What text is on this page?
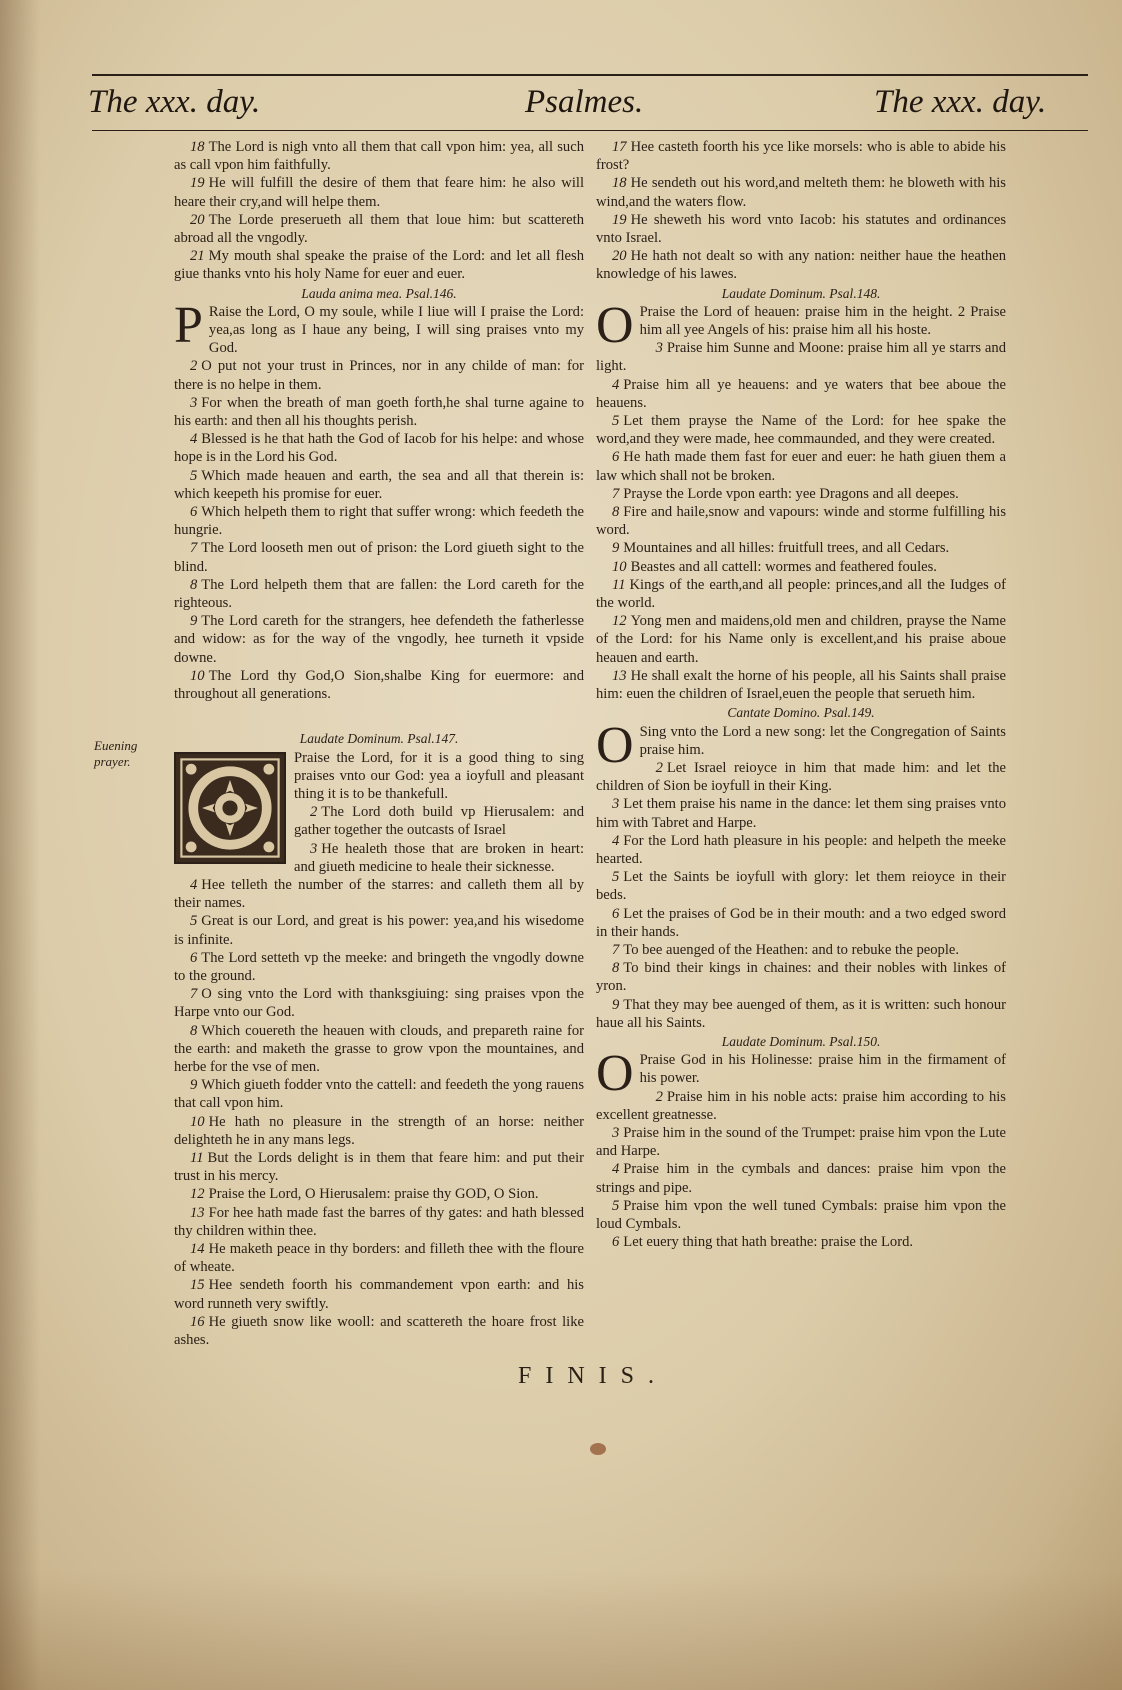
The xxx. day.	Psalmes.	The xxx. day.
Euening prayer.

18 The Lord is nigh vnto all them that call vpon him: yea, all such as call vpon him faithfully.

19 He will fulfill the desire of them that feare him: he also will heare their cry,and will helpe them.

20 The Lorde preserueth all them that loue him: but scattereth abroad all the vngodly.

21 My mouth shal speake the praise of the Lord: and let all flesh giue thanks vnto his holy Name for euer and euer.

Lauda anima mea. Psal.146.

P Raise the Lord, O my soule, while I liue will I praise the Lord: yea,as long as I haue any being, I will sing praises vnto my God.

2 O put not your trust in Princes, nor in any childe of man: for there is no helpe in them.

3 For when the breath of man goeth forth,he shal turne againe to his earth: and then all his thoughts perish.

4 Blessed is he that hath the God of Iacob for his helpe: and whose hope is in the Lord his God.

5 Which made heauen and earth, the sea and all that therein is: which keepeth his promise for euer.

6 Which helpeth them to right that suffer wrong: which feedeth the hungrie.

7 The Lord looseth men out of prison: the Lord giueth sight to the blind.

8 The Lord helpeth them that are fallen: the Lord careth for the righteous.

9 The Lord careth for the strangers, hee defendeth the fatherlesse and widow: as for the way of the vngodly, hee turneth it vpside downe.

10 The Lord thy God,O Sion,shalbe King for euermore: and throughout all generations.

Laudate Dominum. Psal.147.

Praise the Lord, for it is a good thing to sing praises vnto our God: yea a ioyfull and pleasant thing it is to be thankefull.

2 The Lord doth build vp Hierusalem: and gather together the outcasts of Israel

3 He healeth those that are broken in heart: and giueth medicine to heale their sicknesse.

4 Hee telleth the number of the starres: and calleth them all by their names.

5 Great is our Lord, and great is his power: yea,and his wisedome is infinite.

6 The Lord setteth vp the meeke: and bringeth the vngodly downe to the ground.

7 O sing vnto the Lord with thanksgiuing: sing praises vpon the Harpe vnto our God.

8 Which couereth the heauen with clouds, and prepareth raine for the earth: and maketh the grasse to grow vpon the mountaines, and herbe for the vse of men.

9 Which giueth fodder vnto the cattell: and feedeth the yong rauens that call vpon him.

10 He hath no pleasure in the strength of an horse: neither delighteth he in any mans legs.

11 But the Lords delight is in them that feare him: and put their trust in his mercy.

12 Praise the Lord, O Hierusalem: praise thy GOD, O Sion.

13 For hee hath made fast the barres of thy gates: and hath blessed thy children within thee.

14 He maketh peace in thy borders: and filleth thee with the floure of wheate.

15 Hee sendeth foorth his commandement vpon earth: and his word runneth very swiftly.

16 He giueth snow like wooll: and scattereth the hoare frost like ashes.

17 Hee casteth foorth his yce like morsels: who is able to abide his frost?

18 He sendeth out his word,and melteth them: he bloweth with his wind,and the waters flow.

19 He sheweth his word vnto Iacob: his statutes and ordinances vnto Israel.

20 He hath not dealt so with any nation: neither haue the heathen knowledge of his lawes.

Laudate Dominum. Psal.148.

O Praise the Lord of heauen: praise him in the height. 2 Praise him all yee Angels of his: praise him all his hoste.

3 Praise him Sunne and Moone: praise him all ye starrs and light.

4 Praise him all ye heauens: and ye waters that bee aboue the heauens.

5 Let them prayse the Name of the Lord: for hee spake the word,and they were made, hee commaunded, and they were created.

6 He hath made them fast for euer and euer: he hath giuen them a law which shall not be broken.

7 Prayse the Lorde vpon earth: yee Dragons and all deepes.

8 Fire and haile,snow and vapours: winde and storme fulfilling his word.

9 Mountaines and all hilles: fruitfull trees, and all Cedars.

10 Beastes and all cattell: wormes and feathered foules.

11 Kings of the earth,and all people: princes,and all the Iudges of the world.

12 Yong men and maidens,old men and children, prayse the Name of the Lord: for his Name only is excellent,and his praise aboue heauen and earth.

13 He shall exalt the horne of his people, all his Saints shall praise him: euen the children of Israel,euen the people that serueth him.

Cantate Domino. Psal.149.

O Sing vnto the Lord a new song: let the Congregation of Saints praise him.

2 Let Israel reioyce in him that made him: and let the children of Sion be ioyfull in their King.

3 Let them praise his name in the dance: let them sing praises vnto him with Tabret and Harpe.

4 For the Lord hath pleasure in his people: and helpeth the meeke hearted.

5 Let the Saints be ioyfull with glory: let them reioyce in their beds.

6 Let the praises of God be in their mouth: and a two edged sword in their hands.

7 To bee auenged of the Heathen: and to rebuke the people.

8 To bind their kings in chaines: and their nobles with linkes of yron.

9 That they may bee auenged of them, as it is written: such honour haue all his Saints.

Laudate Dominum. Psal.150.

O Praise God in his Holinesse: praise him in the firmament of his power.

2 Praise him in his noble acts: praise him according to his excellent greatnesse.

3 Praise him in the sound of the Trumpet: praise him vpon the Lute and Harpe.

4 Praise him in the cymbals and dances: praise him vpon the strings and pipe.

5 Praise him vpon the well tuned Cymbals: praise him vpon the loud Cymbals.

6 Let euery thing that hath breathe: praise the Lord.

FINIS.
